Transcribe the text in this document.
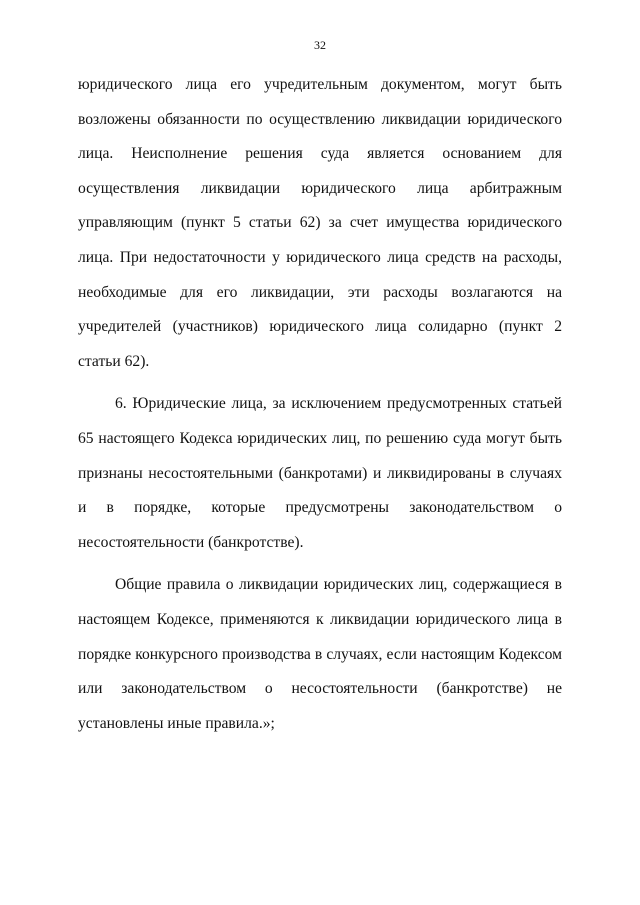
32

юридического лица его учредительным документом, могут быть возложены обязанности по осуществлению ликвидации юридического лица. Неисполнение решения суда является основанием для осуществления ликвидации юридического лица арбитражным управляющим (пункт 5 статьи 62) за счет имущества юридического лица. При недостаточности у юридического лица средств на расходы, необходимые для его ликвидации, эти расходы возлагаются на учредителей (участников) юридического лица солидарно (пункт 2 статьи 62).

6. Юридические лица, за исключением предусмотренных статьей 65 настоящего Кодекса юридических лиц, по решению суда могут быть признаны несостоятельными (банкротами) и ликвидированы в случаях и в порядке, которые предусмотрены законодательством о несостоятельности (банкротстве).

Общие правила о ликвидации юридических лиц, содержащиеся в настоящем Кодексе, применяются к ликвидации юридического лица в порядке конкурсного производства в случаях, если настоящим Кодексом или законодательством о несостоятельности (банкротстве) не установлены иные правила.»;
